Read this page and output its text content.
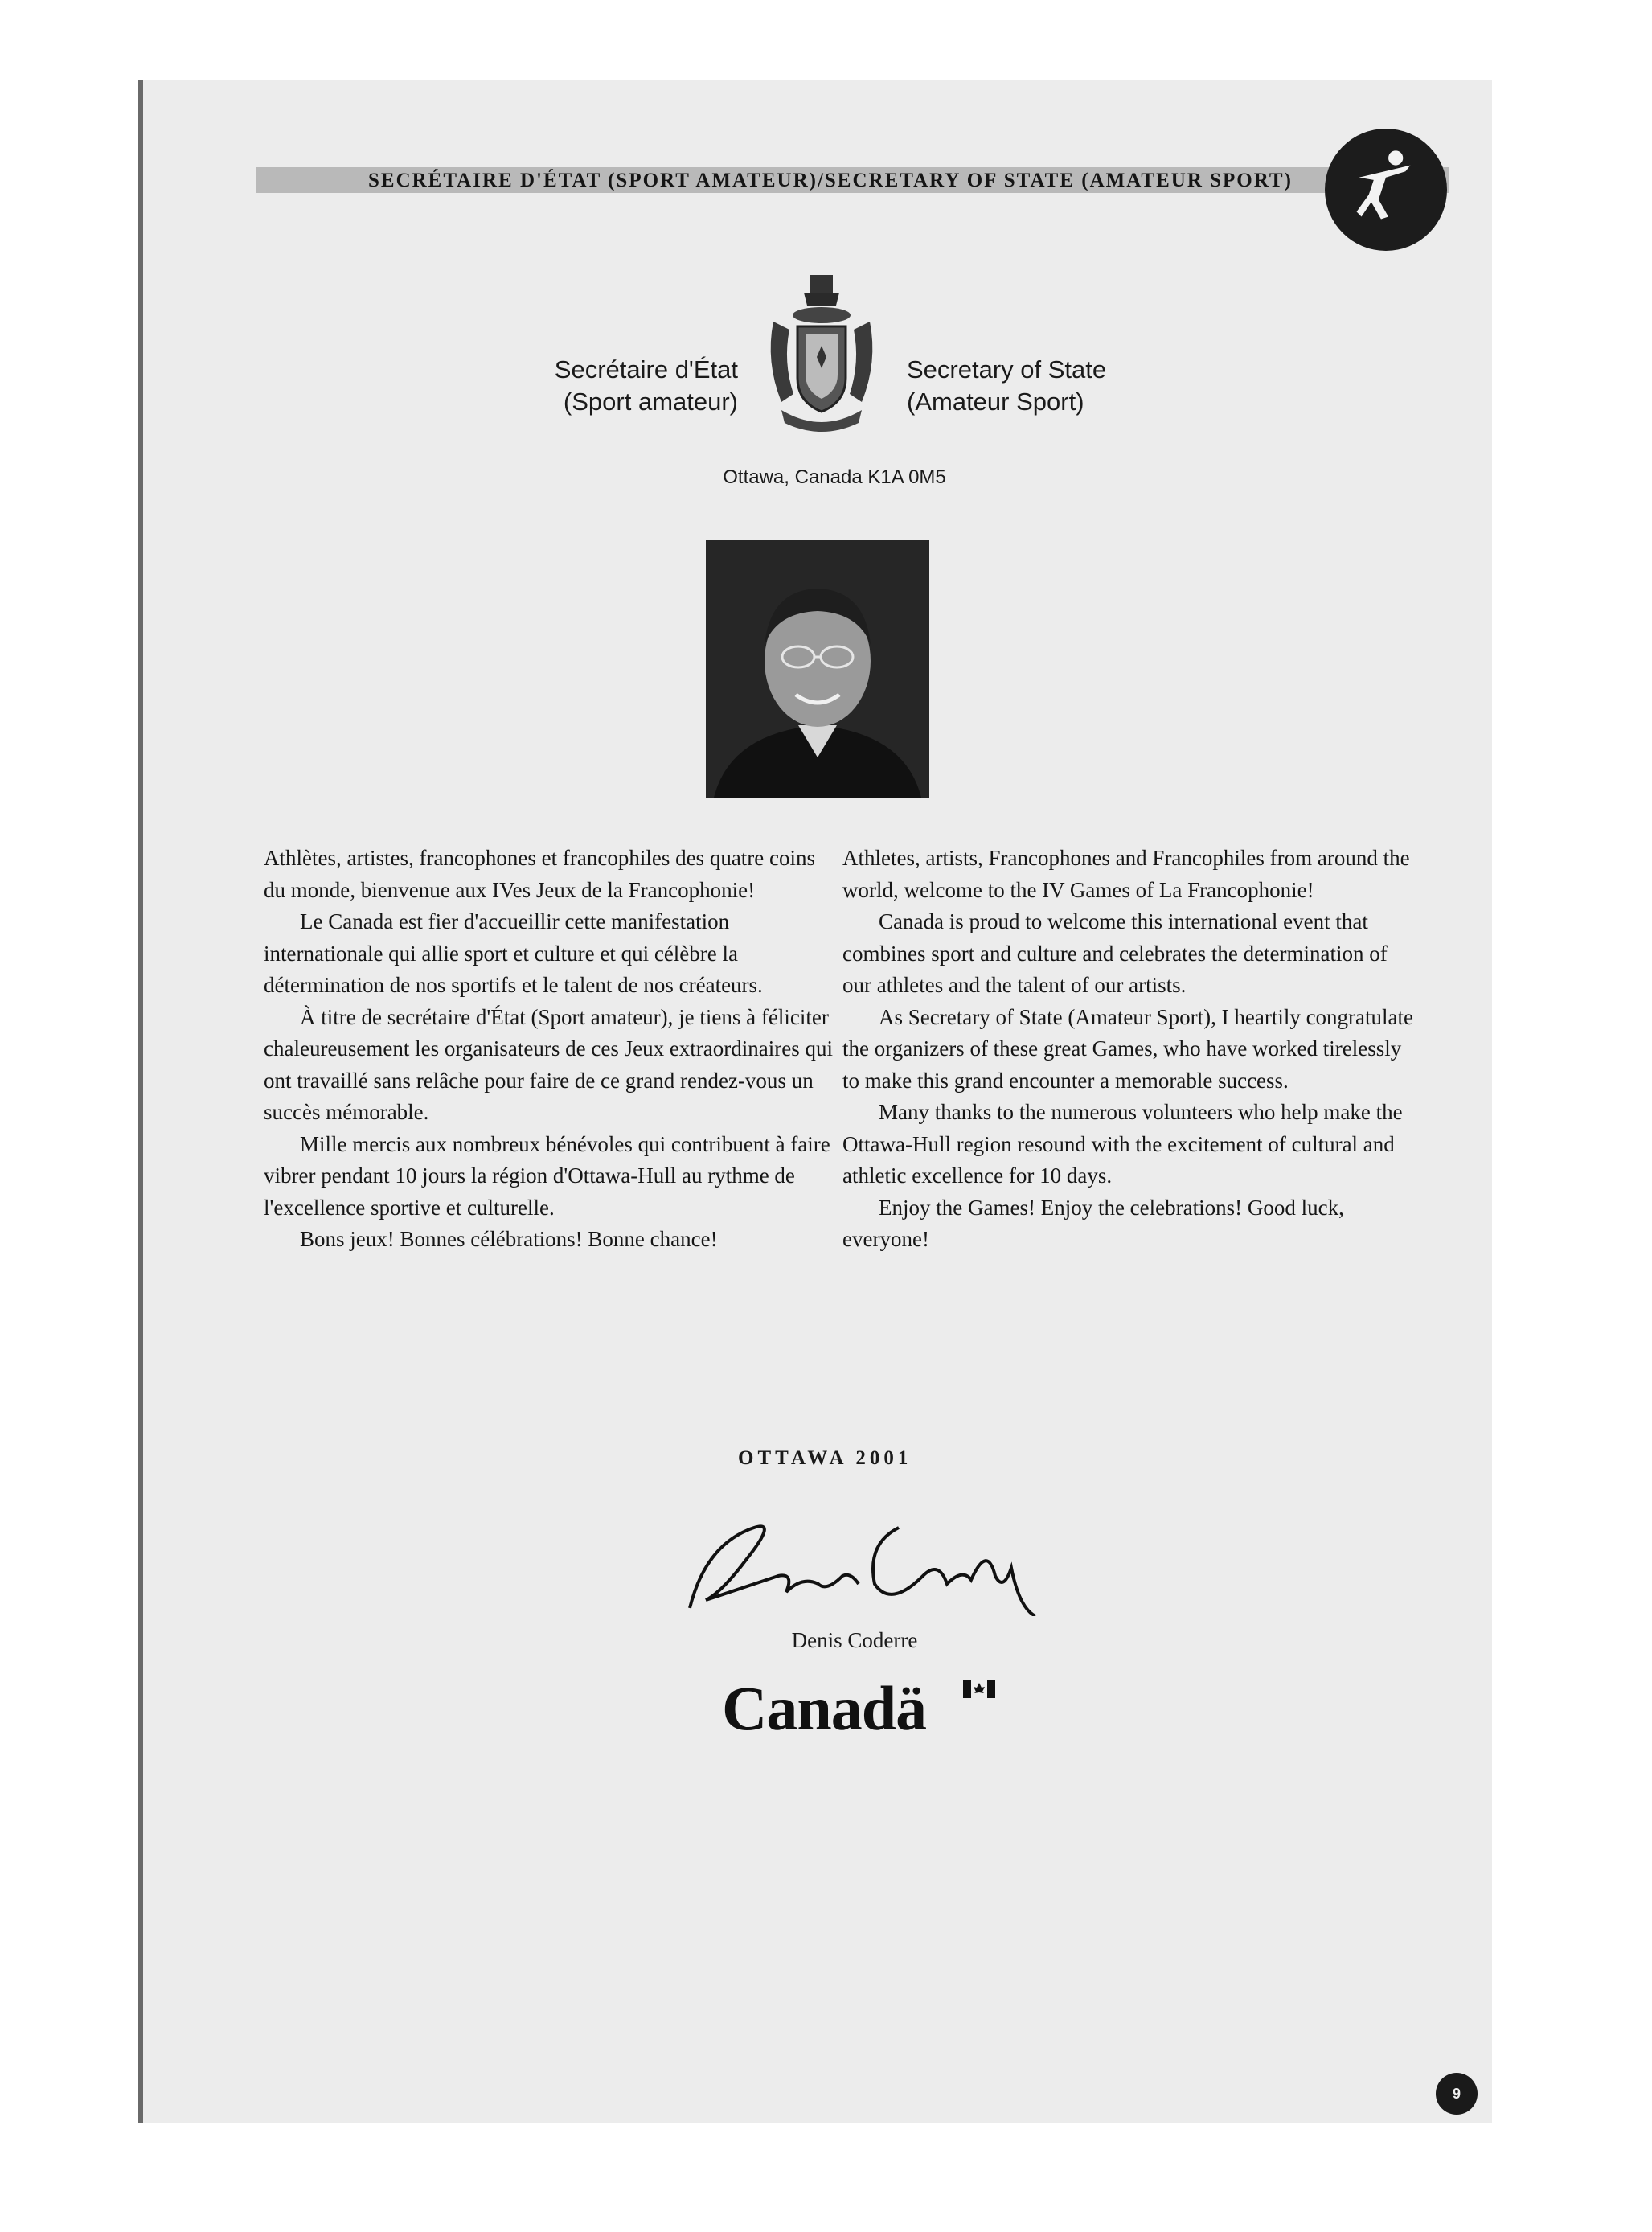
SECRÉTAIRE D'ÉTAT (SPORT AMATEUR)/SECRETARY OF STATE (AMATEUR SPORT)
Secrétaire d'État
(Sport amateur)
Secretary of State
(Amateur Sport)
Ottawa, Canada K1A 0M5

Athlètes, artistes, francophones et francophiles des quatre coins du monde, bienvenue aux IVes Jeux de la Francophonie!

Le Canada est fier d'accueillir cette manifestation internationale qui allie sport et culture et qui célèbre la détermination de nos sportifs et le talent de nos créateurs.

À titre de secrétaire d'État (Sport amateur), je tiens à féliciter chaleureusement les organisateurs de ces Jeux extraordinaires qui ont travaillé sans relâche pour faire de ce grand rendez-vous un succès mémorable.

Mille mercis aux nombreux bénévoles qui contribuent à faire vibrer pendant 10 jours la région d'Ottawa-Hull au rythme de l'excellence sportive et culturelle.

Bons jeux! Bonnes célébrations! Bonne chance!

Athletes, artists, Francophones and Francophiles from around the world, welcome to the IV Games of La Francophonie!

Canada is proud to welcome this international event that combines sport and culture and celebrates the determination of our athletes and the talent of our artists.

As Secretary of State (Amateur Sport), I heartily congratulate the organizers of these great Games, who have worked tirelessly to make this grand encounter a memorable success.

Many thanks to the numerous volunteers who help make the Ottawa-Hull region resound with the excitement of cultural and athletic excellence for 10 days.

Enjoy the Games! Enjoy the celebrations! Good luck, everyone!

OTTAWA 2001
Denis Coderre
Canadä
9
